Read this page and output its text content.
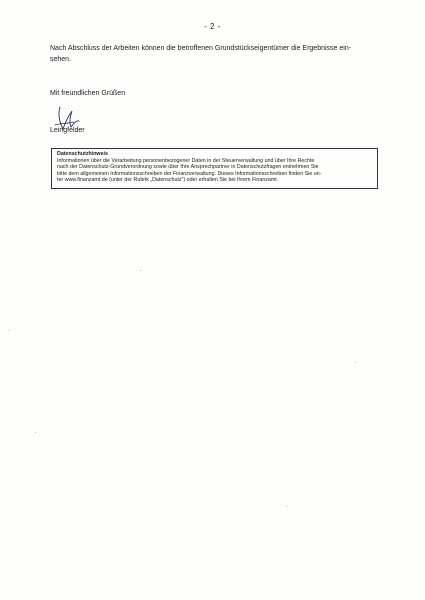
- 2 -
Nach Abschluss der Arbeiten können die betroffenen Grundstückseigentümer die Ergebnisse ein-
sehen.
Mit freundlichen Grüßen
Leingfelder
Datenschutzhinweis
Informationen über die Verarbeitung personenbezogener Daten in der Steuerverwaltung und über Ihre Rechte
nach der Datenschutz-Grundverordnung sowie über Ihre Ansprechpartner in Datenschutzfragen entnehmen Sie
bitte dem allgemeinen Informationsschreiben der Finanzverwaltung. Dieses Informationsschreiben finden Sie un-
ter www.finanzamt.de (unter der Rubrik „Datenschutz") oder erhalten Sie bei Ihrem Finanzamt.
